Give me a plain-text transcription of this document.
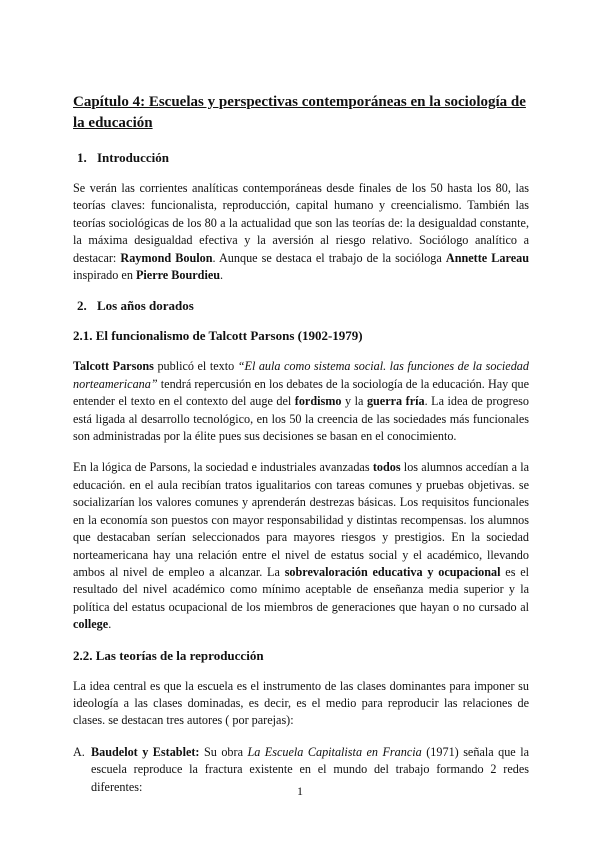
Capítulo 4: Escuelas y perspectivas contemporáneas en la sociología de la educación
1. Introducción

Se verán las corrientes analíticas contemporáneas desde finales de los 50 hasta los 80, las teorías claves: funcionalista, reproducción, capital humano y creencialismo. También las teorías sociológicas de los 80 a la actualidad que son las teorías de: la desigualdad constante, la máxima desigualdad efectiva y la aversión al riesgo relativo. Sociólogo analítico a destacar: Raymond Boulon. Aunque se destaca el trabajo de la socióloga Annette Lareau inspirado en Pierre Bourdieu.

2. Los años dorados
2.1. El funcionalismo de Talcott Parsons (1902-1979)

Talcott Parsons publicó el texto “El aula como sistema social. las funciones de la sociedad norteamericana” tendrá repercusión en los debates de la sociología de la educación. Hay que entender el texto en el contexto del auge del fordismo y la guerra fría. La idea de progreso está ligada al desarrollo tecnológico, en los 50 la creencia de las sociedades más funcionales son administradas por la élite pues sus decisiones se basan en el conocimiento.

En la lógica de Parsons, la sociedad e industriales avanzadas todos los alumnos accedían a la educación. en el aula recibían tratos igualitarios con tareas comunes y pruebas objetivas. se socializarían los valores comunes y aprenderán destrezas básicas. Los requisitos funcionales en la economía son puestos con mayor responsabilidad y distintas recompensas. los alumnos que destacaban serían seleccionados para mayores riesgos y prestigios. En la sociedad norteamericana hay una relación entre el nivel de estatus social y el académico, llevando ambos al nivel de empleo a alcanzar. La sobrevaloración educativa y ocupacional es el resultado del nivel académico como mínimo aceptable de enseñanza media superior y la política del estatus ocupacional de los miembros de generaciones que hayan o no cursado al college.

2.2. Las teorías de la reproducción

La idea central es que la escuela es el instrumento de las clases dominantes para imponer su ideología a las clases dominadas, es decir, es el medio para reproducir las relaciones de clases. se destacan tres autores ( por parejas):

A. Baudelot y Establet: Su obra La Escuela Capitalista en Francia (1971) señala que la escuela reproduce la fractura existente en el mundo del trabajo formando 2 redes diferentes:	1
